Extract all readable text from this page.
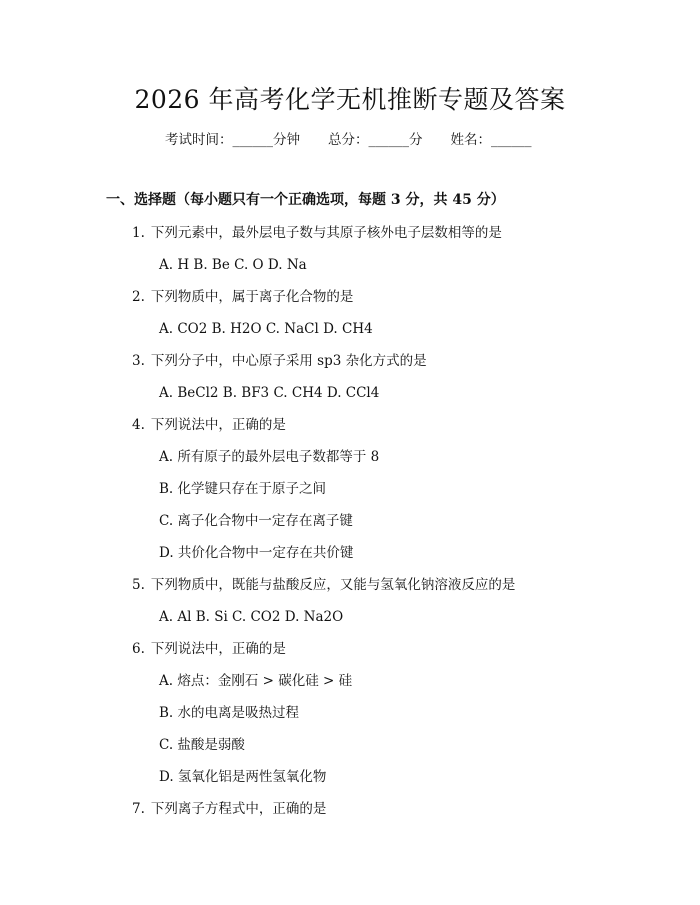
2026 年高考化学无机推断专题及答案
考试时间：______分钟 总分：______分 姓名：______
一、选择题（每小题只有一个正确选项，每题 3 分，共 45 分）
1. 下列元素中，最外层电子数与其原子核外电子层数相等的是
A. H B. Be C. O D. Na
2. 下列物质中，属于离子化合物的是
A. CO2 B. H2O C. NaCl D. CH4
3. 下列分子中，中心原子采用 sp3 杂化方式的是
A. BeCl2 B. BF3 C. CH4 D. CCl4
4. 下列说法中，正确的是
A. 所有原子的最外层电子数都等于 8
B. 化学键只存在于原子之间
C. 离子化合物中一定存在离子键
D. 共价化合物中一定存在共价键
5. 下列物质中，既能与盐酸反应，又能与氢氧化钠溶液反应的是
A. Al B. Si C. CO2 D. Na2O
6. 下列说法中，正确的是
A. 熔点：金刚石 > 碳化硅 > 硅
B. 水的电离是吸热过程
C. 盐酸是弱酸
D. 氢氧化铝是两性氢氧化物
7. 下列离子方程式中，正确的是
